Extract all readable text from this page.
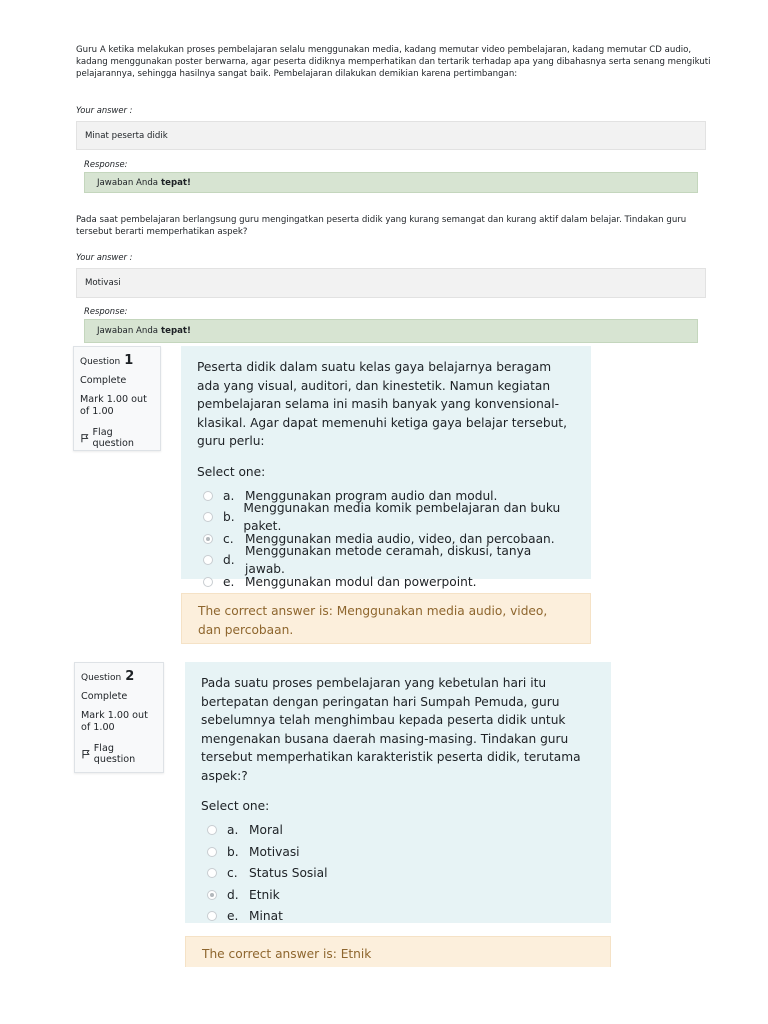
Guru A ketika melakukan proses pembelajaran selalu menggunakan media, kadang memutar video pembelajaran, kadang memutar CD audio, kadang menggunakan poster berwarna, agar peserta didiknya memperhatikan dan tertarik terhadap apa yang dibahasnya serta senang mengikuti pelajarannya, sehingga hasilnya sangat baik. Pembelajaran dilakukan demikian karena pertimbangan:
Your answer :
Minat peserta didik
Response:
Jawaban Anda tepat!
Pada saat pembelajaran berlangsung guru mengingatkan peserta didik yang kurang semangat dan kurang aktif dalam belajar. Tindakan guru tersebut berarti memperhatikan aspek?
Your answer :
Motivasi
Response:
Jawaban Anda tepat!
Question 1
Complete
Mark 1.00 out of 1.00
Flag question
Peserta didik dalam suatu kelas gaya belajarnya beragam ada yang visual, auditori, dan kinestetik. Namun kegiatan pembelajaran selama ini masih banyak yang konvensional-klasikal. Agar dapat memenuhi ketiga gaya belajar tersebut, guru perlu:
Select one:
a. Menggunakan program audio dan modul.
b.
Menggunakan media komik pembelajaran dan buku paket.
c. Menggunakan media audio, video, dan percobaan.
d.
Menggunakan metode ceramah, diskusi, tanya jawab.
e. Menggunakan modul dan powerpoint.
The correct answer is: Menggunakan media audio, video, dan percobaan.
Question 2
Complete
Mark 1.00 out of 1.00
Flag question
Pada suatu proses pembelajaran yang kebetulan hari itu bertepatan dengan peringatan hari Sumpah Pemuda, guru sebelumnya telah menghimbau kepada peserta didik untuk mengenakan busana daerah masing-masing. Tindakan guru tersebut memperhatikan karakteristik peserta didik, terutama aspek:?
Select one:
a. Moral
b. Motivasi
c. Status Sosial
d. Etnik
e. Minat
The correct answer is: Etnik
